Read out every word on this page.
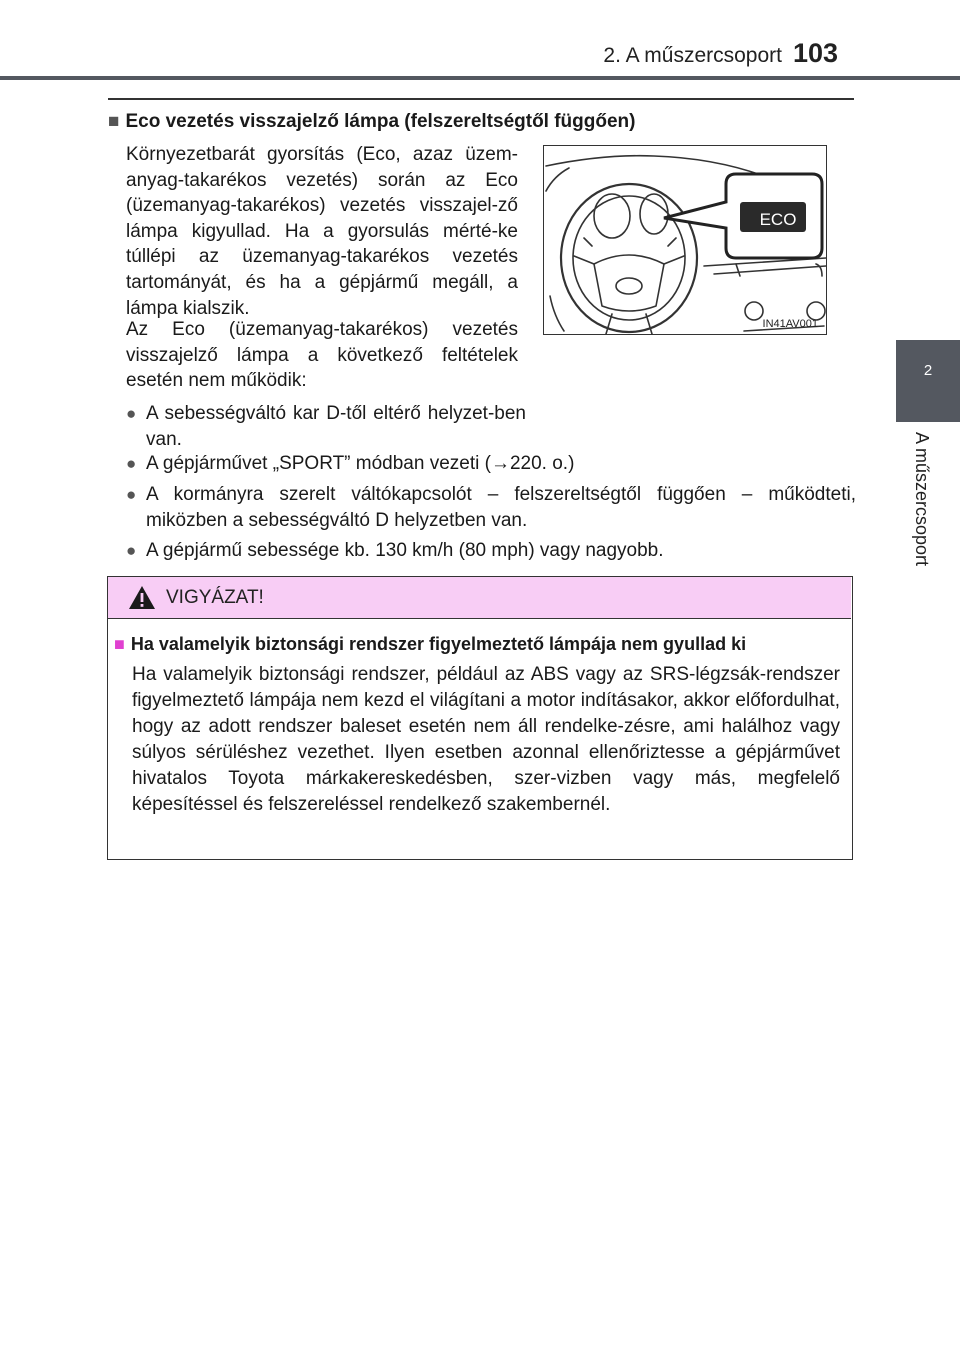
2. A műszercsoport 103
2
A műszercsoport
■ Eco vezetés visszajelző lámpa (felszereltségtől függően)
Környezetbarát gyorsítás (Eco, azaz üzem-anyag-takarékos vezetés) során az Eco (üzemanyag-takarékos) vezetés visszajel-ző lámpa kigyullad. Ha a gyorsulás mérté-ke túllépi az üzemanyag-takarékos vezetés tartományát, és ha a gépjármű megáll, a lámpa kialszik.
Az Eco (üzemanyag-takarékos) vezetés visszajelző lámpa a következő feltételek esetén nem működik:
ECO
IN41AV001
● A sebességváltó kar D-től eltérő helyzet-ben van.
● A gépjárművet „SPORT” módban vezeti (→220. o.)
● A kormányra szerelt váltókapcsolót – felszereltségtől függően – működteti, miközben a sebességváltó D helyzetben van.
● A gépjármű sebessége kb. 130 km/h (80 mph) vagy nagyobb.
VIGYÁZAT!
■ Ha valamelyik biztonsági rendszer figyelmeztető lámpája nem gyullad ki
Ha valamelyik biztonsági rendszer, például az ABS vagy az SRS-légzsák-rendszer figyelmeztető lámpája nem kezd el világítani a motor indításakor, akkor előfordulhat, hogy az adott rendszer baleset esetén nem áll rendelke-zésre, ami halálhoz vagy súlyos sérüléshez vezethet. Ilyen esetben azonnal ellenőriztesse a gépjárművet hivatalos Toyota márkakereskedésben, szer-vizben vagy más, megfelelő képesítéssel és felszereléssel rendelkező szakembernél.
